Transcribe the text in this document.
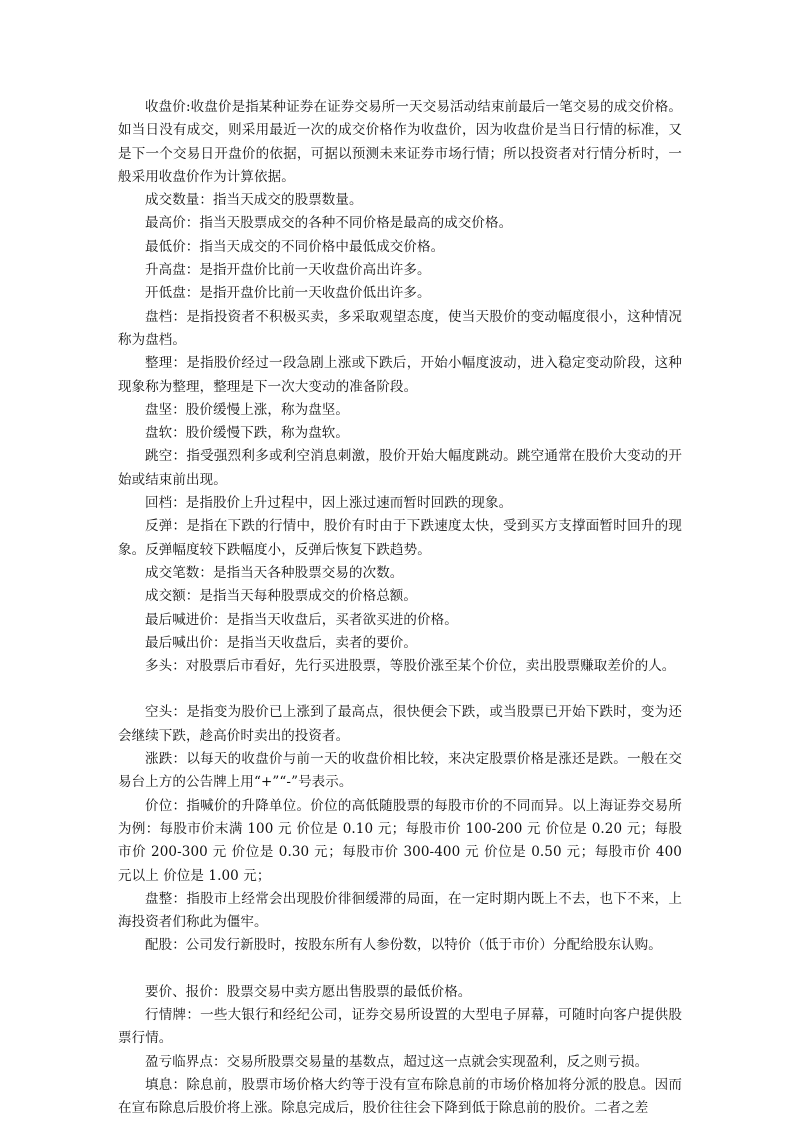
收盘价:收盘价是指某种证券在证券交易所一天交易活动结束前最后一笔交易的成交价格。如当日没有成交，则采用最近一次的成交价格作为收盘价，因为收盘价是当日行情的标准，又是下一个交易日开盘价的依据，可据以预测未来证券市场行情；所以投资者对行情分析时，一般采用收盘价作为计算依据。

成交数量：指当天成交的股票数量。

最高价：指当天股票成交的各种不同价格是最高的成交价格。

最低价：指当天成交的不同价格中最低成交价格。

升高盘：是指开盘价比前一天收盘价高出许多。

开低盘：是指开盘价比前一天收盘价低出许多。

盘档：是指投资者不积极买卖，多采取观望态度，使当天股价的变动幅度很小，这种情况称为盘档。

整理：是指股价经过一段急剧上涨或下跌后，开始小幅度波动，进入稳定变动阶段，这种现象称为整理，整理是下一次大变动的准备阶段。

盘坚：股价缓慢上涨，称为盘坚。

盘软：股价缓慢下跌，称为盘软。

跳空：指受强烈利多或利空消息刺激，股价开始大幅度跳动。跳空通常在股价大变动的开始或结束前出现。

回档：是指股价上升过程中，因上涨过速而暂时回跌的现象。

反弹：是指在下跌的行情中，股价有时由于下跌速度太快，受到买方支撑面暂时回升的现象。反弹幅度较下跌幅度小，反弹后恢复下跌趋势。

成交笔数：是指当天各种股票交易的次数。

成交额：是指当天每种股票成交的价格总额。

最后喊进价：是指当天收盘后，买者欲买进的价格。

最后喊出价：是指当天收盘后，卖者的要价。

多头：对股票后市看好，先行买进股票，等股价涨至某个价位，卖出股票赚取差价的人。

空头：是指变为股价已上涨到了最高点，很快便会下跌，或当股票已开始下跌时，变为还会继续下跌，趁高价时卖出的投资者。

涨跌：以每天的收盘价与前一天的收盘价相比较，来决定股票价格是涨还是跌。一般在交易台上方的公告牌上用“+”“-”号表示。

价位：指喊价的升降单位。价位的高低随股票的每股市价的不同而异。以上海证券交易所为例：每股市价末满 100 元 价位是 0.10 元；每股市价 100-200 元 价位是 0.20 元；每股市价 200-300 元 价位是 0.30 元；每股市价 300-400 元 价位是 0.50 元；每股市价 400 元以上 价位是 1.00 元；

盘整：指股市上经常会出现股价徘徊缓滞的局面，在一定时期内既上不去，也下不来，上海投资者们称此为僵牢。

配股：公司发行新股时，按股东所有人参份数，以特价（低于市价）分配给股东认购。

要价、报价：股票交易中卖方愿出售股票的最低价格。

行情牌：一些大银行和经纪公司，证券交易所设置的大型电子屏幕，可随时向客户提供股票行情。

盈亏临界点：交易所股票交易量的基数点，超过这一点就会实现盈利，反之则亏损。

填息：除息前，股票市场价格大约等于没有宣布除息前的市场价格加将分派的股息。因而在宣布除息后股价将上涨。除息完成后，股价往往会下降到低于除息前的股价。二者之差
